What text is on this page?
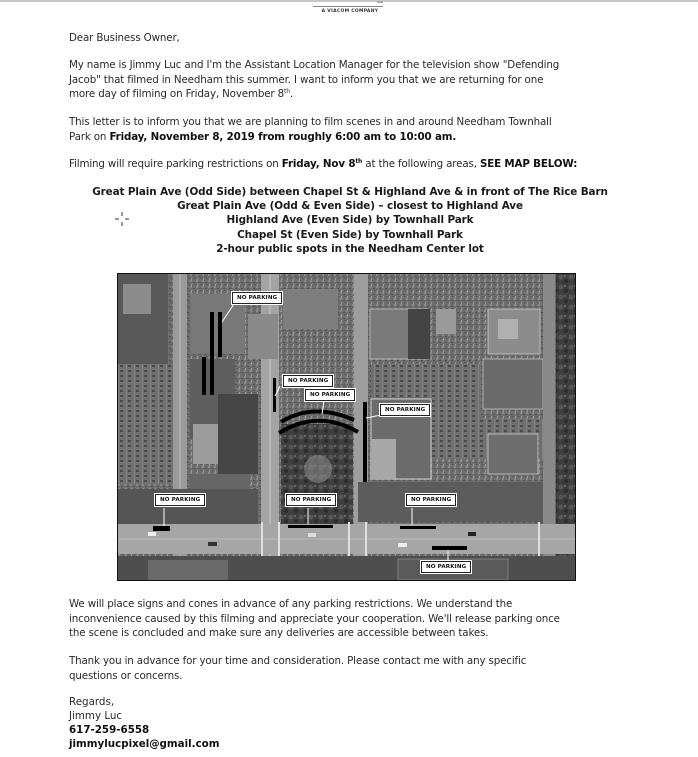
A VIACOM COMPANY
Dear Business Owner,
My name is Jimmy Luc and I'm the Assistant Location Manager for the television show "Defending
Jacob" that filmed in Needham this summer. I want to inform you that we are returning for one
more day of filming on Friday, November 8th.
This letter is to inform you that we are planning to film scenes in and around Needham Townhall
Park on Friday, November 8, 2019 from roughly 6:00 am to 10:00 am.
Filming will require parking restrictions on Friday, Nov 8th at the following areas, SEE MAP BELOW:
Great Plain Ave (Odd Side) between Chapel St & Highland Ave & in front of The Rice Barn
Great Plain Ave (Odd & Even Side) – closest to Highland Ave
Highland Ave (Even Side) by Townhall Park
Chapel St (Even Side) by Townhall Park
2-hour public spots in the Needham Center lot
NO PARKING
NO PARKING
NO PARKING
NO PARKING
NO PARKING	NO PARKING	NO PARKING
NO PARKING
We will place signs and cones in advance of any parking restrictions. We understand the
inconvenience caused by this filming and appreciate your cooperation. We'll release parking once
the scene is concluded and make sure any deliveries are accessible between takes.
Thank you in advance for your time and consideration. Please contact me with any specific
questions or concerns.
Regards,
Jimmy Luc
617-259-6558
jimmylucpixel@gmail.com
